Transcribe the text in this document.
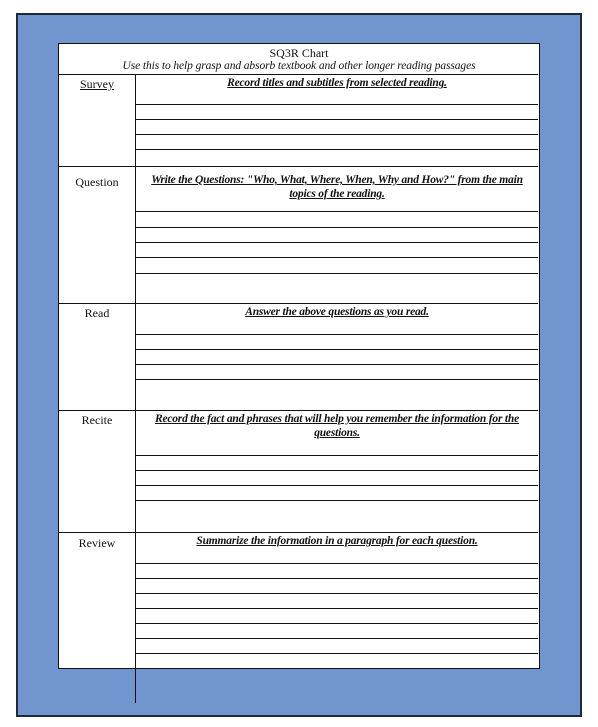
SQ3R Chart
Use this to help grasp and absorb textbook and other longer reading passages
Survey	Record titles and subtitles from selected reading.
Question	Write the Questions: "Who, What, Where, When, Why and How?" from the main topics of the reading.
Read	Answer the above questions as you read.
Recite	Record the fact and phrases that will help you remember the information for the questions.
Review	Summarize the information in a paragraph for each question.
